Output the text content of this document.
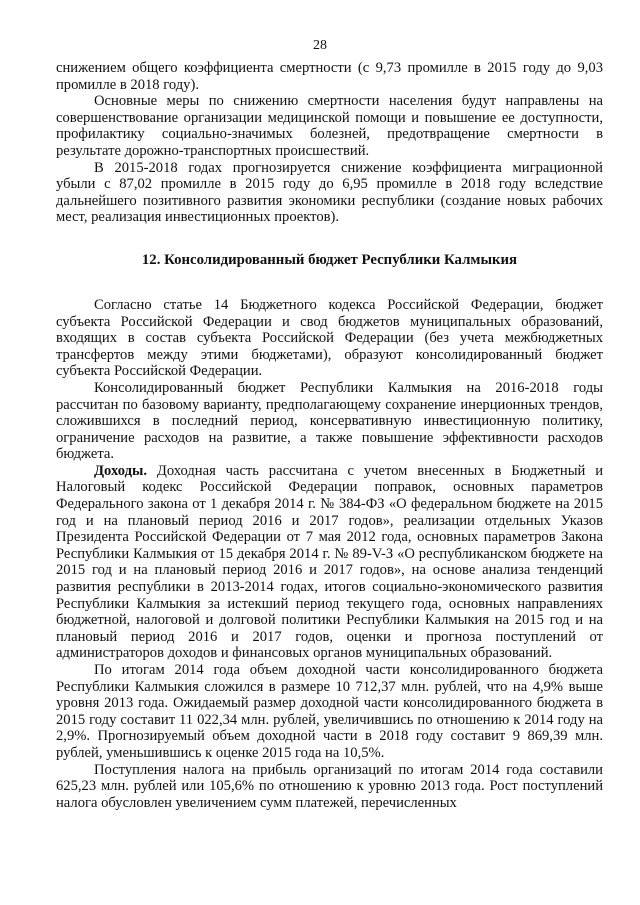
28

снижением общего коэффициента смертности (с 9,73 промилле в 2015 году до 9,03 промилле в 2018 году).

Основные меры по снижению смертности населения будут направлены на совершенствование организации медицинской помощи и повышение ее доступности, профилактику социально-значимых болезней, предотвращение смертности в результате дорожно-транспортных происшествий.

В 2015-2018 годах прогнозируется снижение коэффициента миграционной убыли с 87,02 промилле в 2015 году до 6,95 промилле в 2018 году вследствие дальнейшего позитивного развития экономики республики (создание новых рабочих мест, реализация инвестиционных проектов).

12. Консолидированный бюджет Республики Калмыкия

Согласно статье 14 Бюджетного кодекса Российской Федерации, бюджет субъекта Российской Федерации и свод бюджетов муниципальных образований, входящих в состав субъекта Российской Федерации (без учета межбюджетных трансфертов между этими бюджетами), образуют консолидированный бюджет субъекта Российской Федерации.

Консолидированный бюджет Республики Калмыкия на 2016-2018 годы рассчитан по базовому варианту, предполагающему сохранение инерционных трендов, сложившихся в последний период, консервативную инвестиционную политику, ограничение расходов на развитие, а также повышение эффективности расходов бюджета.

Доходы. Доходная часть рассчитана с учетом внесенных в Бюджетный и Налоговый кодекс Российской Федерации поправок, основных параметров Федерального закона от 1 декабря 2014 г. № 384-ФЗ «О федеральном бюджете на 2015 год и на плановый период 2016 и 2017 годов», реализации отдельных Указов Президента Российской Федерации от 7 мая 2012 года, основных параметров Закона Республики Калмыкия от 15 декабря 2014 г. № 89-V-З «О республиканском бюджете на 2015 год и на плановый период 2016 и 2017 годов», на основе анализа тенденций развития республики в 2013-2014 годах, итогов социально-экономического развития Республики Калмыкия за истекший период текущего года, основных направлениях бюджетной, налоговой и долговой политики Республики Калмыкия на 2015 год и на плановый период 2016 и 2017 годов, оценки и прогноза поступлений от администраторов доходов и финансовых органов муниципальных образований.

По итогам 2014 года объем доходной части консолидированного бюджета Республики Калмыкия сложился в размере 10 712,37 млн. рублей, что на 4,9% выше уровня 2013 года. Ожидаемый размер доходной части консолидированного бюджета в 2015 году составит 11 022,34 млн. рублей, увеличившись по отношению к 2014 году на 2,9%. Прогнозируемый объем доходной части в 2018 году составит 9 869,39 млн. рублей, уменьшившись к оценке 2015 года на 10,5%.

Поступления налога на прибыль организаций по итогам 2014 года составили 625,23 млн. рублей или 105,6% по отношению к уровню 2013 года. Рост поступлений налога обусловлен увеличением сумм платежей, перечисленных
